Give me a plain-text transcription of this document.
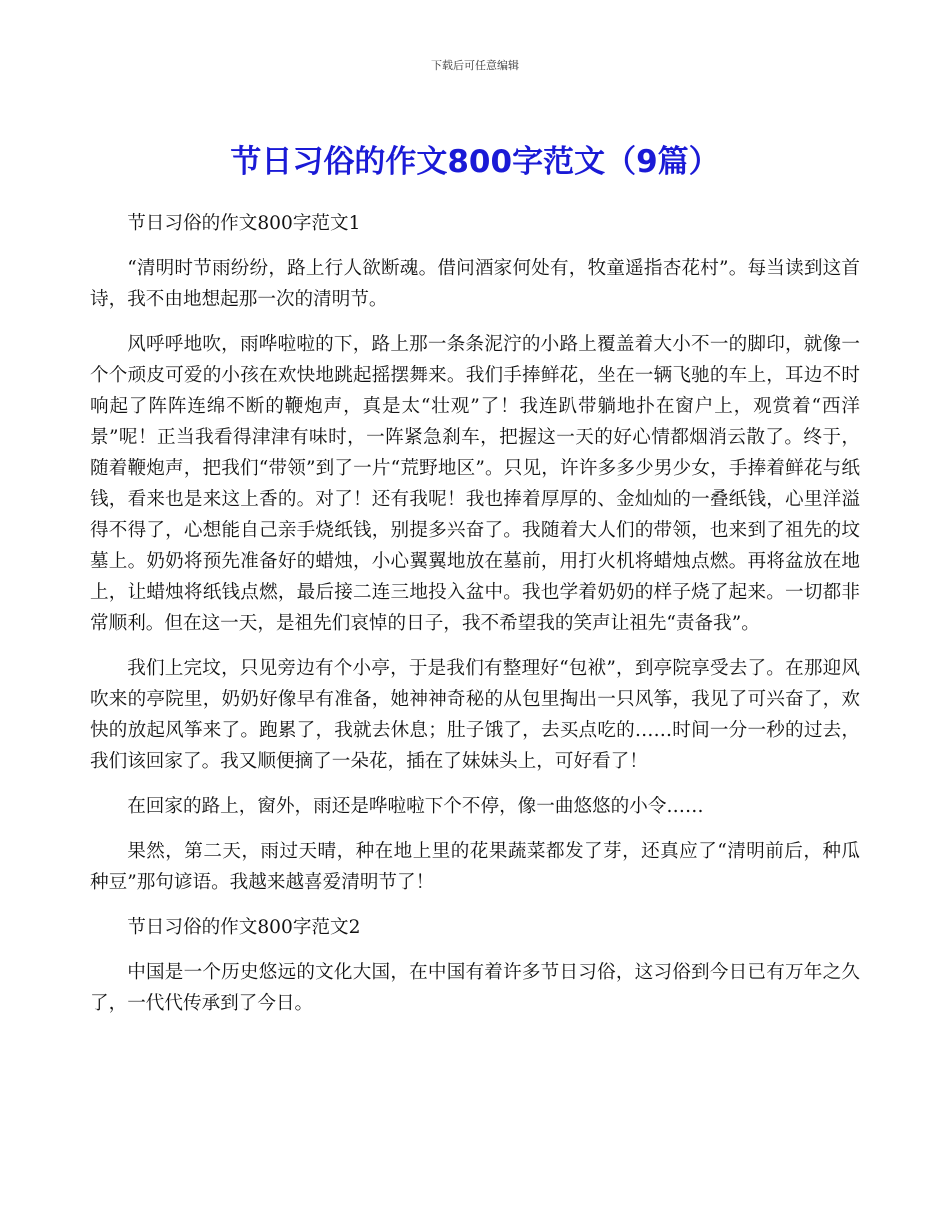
下载后可任意编辑
节日习俗的作文800字范文（9篇）

节日习俗的作文800字范文1

“清明时节雨纷纷，路上行人欲断魂。借问酒家何处有，牧童遥指杏花村”。每当读到这首诗，我不由地想起那一次的清明节。

风呼呼地吹，雨哗啦啦的下，路上那一条条泥泞的小路上覆盖着大小不一的脚印，就像一个个顽皮可爱的小孩在欢快地跳起摇摆舞来。我们手捧鲜花，坐在一辆飞驰的车上，耳边不时响起了阵阵连绵不断的鞭炮声，真是太“壮观”了！我连趴带躺地扑在窗户上，观赏着“西洋景”呢！正当我看得津津有味时，一阵紧急刹车，把握这一天的好心情都烟消云散了。终于，随着鞭炮声，把我们“带领”到了一片“荒野地区”。只见，许许多多少男少女，手捧着鲜花与纸钱，看来也是来这上香的。对了！还有我呢！我也捧着厚厚的、金灿灿的一叠纸钱，心里洋溢得不得了，心想能自己亲手烧纸钱，别提多兴奋了。我随着大人们的带领，也来到了祖先的坟墓上。奶奶将预先准备好的蜡烛，小心翼翼地放在墓前，用打火机将蜡烛点燃。再将盆放在地上，让蜡烛将纸钱点燃，最后接二连三地投入盆中。我也学着奶奶的样子烧了起来。一切都非常顺利。但在这一天，是祖先们哀悼的日子，我不希望我的笑声让祖先“责备我”。

我们上完坟，只见旁边有个小亭，于是我们有整理好“包袱”，到亭院享受去了。在那迎风吹来的亭院里，奶奶好像早有准备，她神神奇秘的从包里掏出一只风筝，我见了可兴奋了，欢快的放起风筝来了。跑累了，我就去休息；肚子饿了，去买点吃的……时间一分一秒的过去，我们该回家了。我又顺便摘了一朵花，插在了妹妹头上，可好看了！

在回家的路上，窗外，雨还是哗啦啦下个不停，像一曲悠悠的小令……

果然，第二天，雨过天晴，种在地上里的花果蔬菜都发了芽，还真应了“清明前后，种瓜种豆”那句谚语。我越来越喜爱清明节了！

节日习俗的作文800字范文2

中国是一个历史悠远的文化大国，在中国有着许多节日习俗，这习俗到今日已有万年之久了，一代代传承到了今日。
